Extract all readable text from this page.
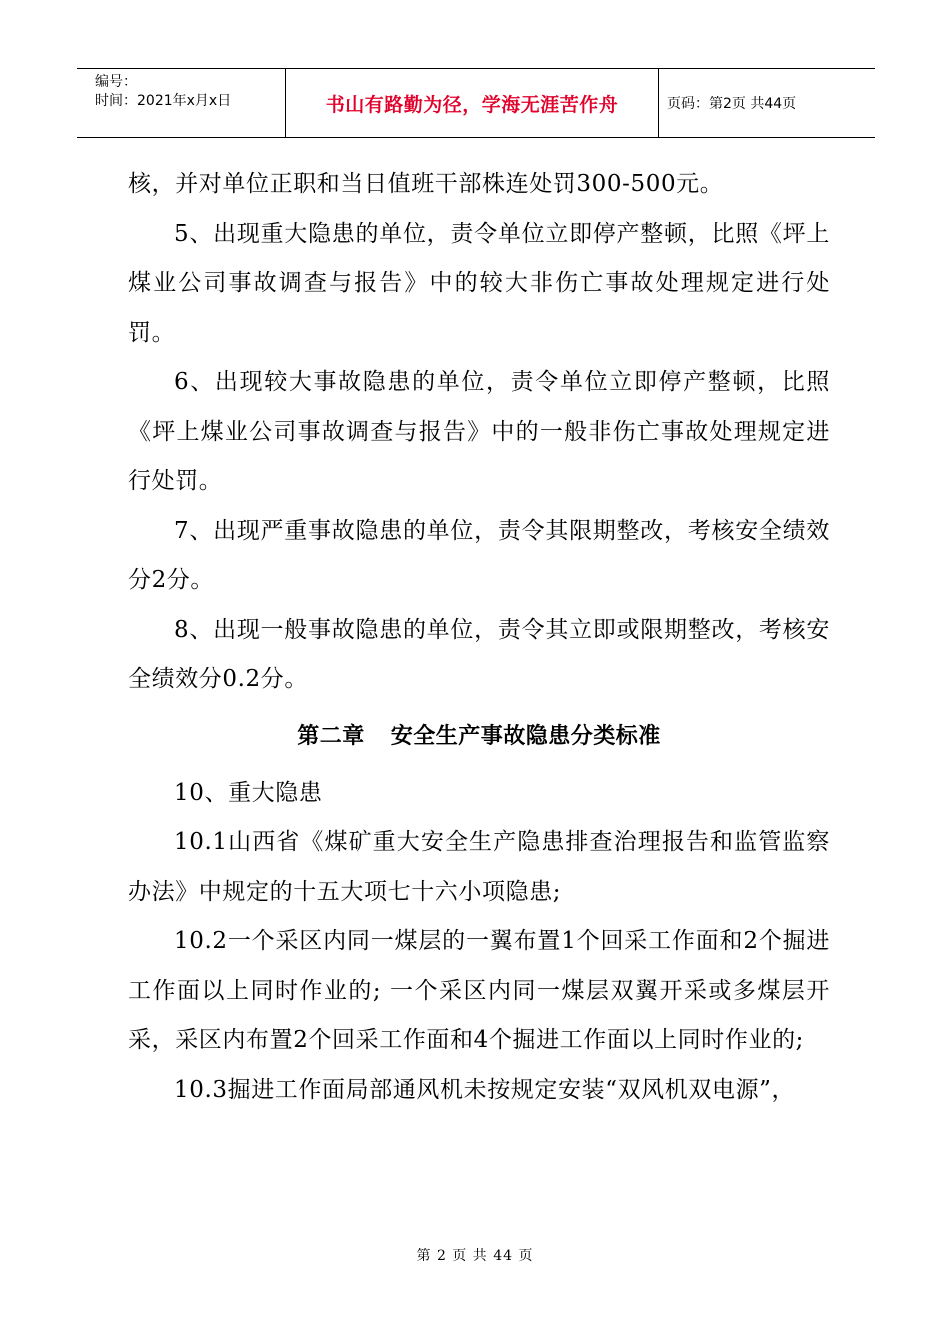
编号：
时间：2021年x月x日	书山有路勤为径，学海无涯苦作舟	页码：第2页 共44页

核，并对单位正职和当日值班干部株连处罚300-500元。

5、出现重大隐患的单位，责令单位立即停产整顿，比照《坪上煤业公司事故调查与报告》中的较大非伤亡事故处理规定进行处罚。

6、出现较大事故隐患的单位，责令单位立即停产整顿，比照《坪上煤业公司事故调查与报告》中的一般非伤亡事故处理规定进行处罚。

7、出现严重事故隐患的单位，责令其限期整改，考核安全绩效分2分。

8、出现一般事故隐患的单位，责令其立即或限期整改，考核安全绩效分0.2分。

第二章 安全生产事故隐患分类标准

10、重大隐患

10.1山西省《煤矿重大安全生产隐患排查治理报告和监管监察办法》中规定的十五大项七十六小项隐患;

10.2一个采区内同一煤层的一翼布置1个回采工作面和2个掘进工作面以上同时作业的; 一个采区内同一煤层双翼开采或多煤层开采，采区内布置2个回采工作面和4个掘进工作面以上同时作业的;

10.3掘进工作面局部通风机未按规定安装“双风机双电源”，

第 2 页 共 44 页
